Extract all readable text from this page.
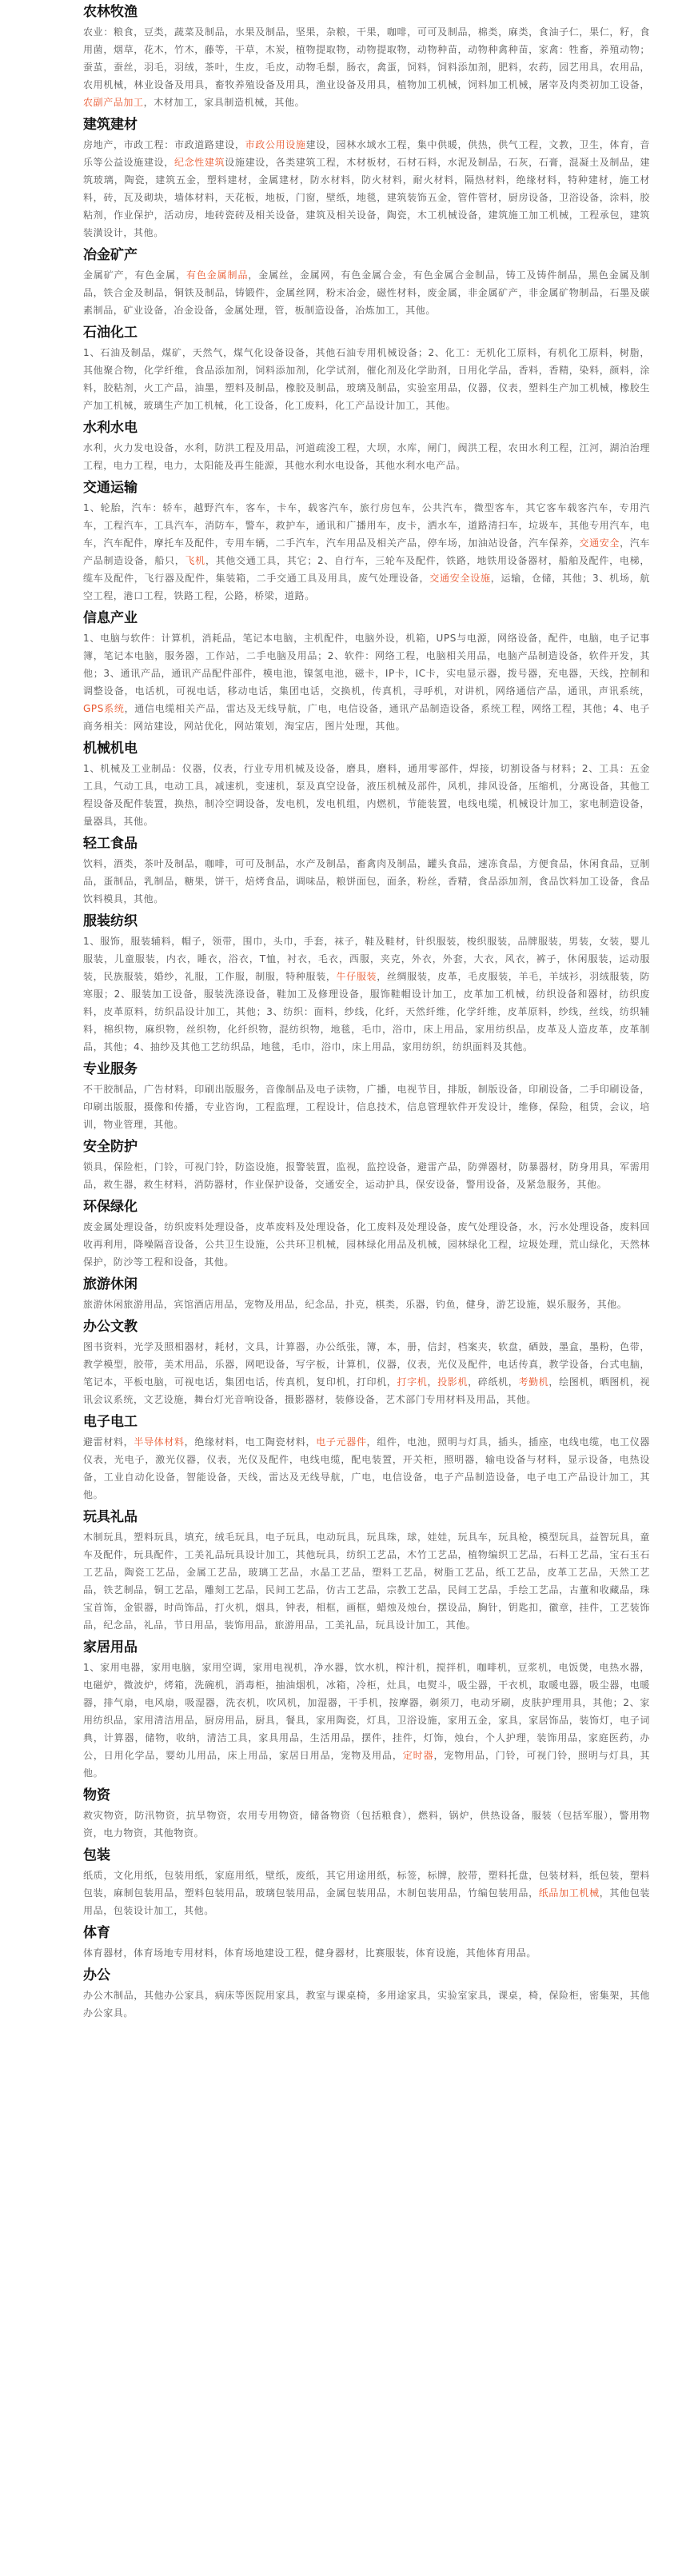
农林牧渔

农业：粮食，豆类，蔬菜及制品，水果及制品，坚果，杂粮，干果，咖啡，可可及制品，棉类，麻类，食油子仁，果仁，籽，食用菌，烟草，花木，竹木，藤等，干草，木炭，植物提取物，动物提取物，动物种苗，动物种禽种苗，家禽：牲畜，养殖动物；蚕茧，蚕丝，羽毛，羽绒，茶叶，生皮，毛皮，动物毛鬃，肠衣，禽蛋，饲料，饲料添加剂，肥料，农药，园艺用具，农用品，农用机械，林业设备及用具，畜牧养殖设备及用具，渔业设备及用具，植物加工机械，饲料加工机械，屠宰及肉类初加工设备，农副产品加工，木材加工，家具制造机械，其他。

建筑建材

房地产，市政工程：市政道路建设，市政公用设施建设，园林水域水工程，集中供暖，供热，供气工程，文教，卫生，体育，音乐等公益设施建设，纪念性建筑设施建设，各类建筑工程，木材板材，石材石料，水泥及制品，石灰，石膏，混凝土及制品，建筑玻璃，陶瓷，建筑五金，塑料建材，金属建材，防水材料，防火材料，耐火材料，隔热材料，绝缘材料，特种建材，施工材料，砖，瓦及砌块，墙体材料，天花板，地板，门窗，壁纸，地毯，建筑装饰五金，管件管材，厨房设备，卫浴设备，涂料，胶粘剂，作业保护，活动房，地砖瓷砖及相关设备，建筑及相关设备，陶瓷，木工机械设备，建筑施工加工机械，工程承包，建筑装潢设计，其他。

冶金矿产

金属矿产，有色金属，有色金属制品，金属丝，金属网，有色金属合金，有色金属合金制品，铸工及铸件制品，黑色金属及制品，铁合金及制品，铜铁及制品，铸锻件，金属丝网，粉末冶金，磁性材料，废金属，非金属矿产，非金属矿物制品，石墨及碳素制品，矿业设备，冶金设备，金属处理，管，板制造设备，冶炼加工，其他。

石油化工

1、石油及制品，煤矿，天然气，煤气化设备设备，其他石油专用机械设备；2、化工：无机化工原料，有机化工原料，树脂，其他聚合物，化学纤维，食品添加剂，饲料添加剂，化学试剂，催化剂及化学助剂，日用化学品，香料，香精，染料，颜料，涂料，胶粘剂，火工产品，油墨，塑料及制品，橡胶及制品，玻璃及制品，实验室用品，仪器，仪表，塑料生产加工机械，橡胶生产加工机械，玻璃生产加工机械，化工设备，化工废料，化工产品设计加工，其他。

水利水电

水利，火力发电设备，水利，防洪工程及用品，河道疏浚工程，大坝，水库，闸门，阀洪工程，农田水利工程，江河，湖泊治理工程，电力工程，电力，太阳能及再生能源，其他水利水电设备，其他水利水电产品。

交通运输

1、轮胎，汽车：轿车，越野汽车，客车，卡车，载客汽车，旅行房包车，公共汽车，微型客车，其它客车载客汽车，专用汽车，工程汽车，工具汽车，消防车，警车，救护车，通讯和广播用车，皮卡，洒水车，道路清扫车，垃圾车，其他专用汽车，电车，汽车配件，摩托车及配件，专用车辆，二手汽车，汽车用品及相关产品，停车场，加油站设备，汽车保养，交通安全，汽车产品制造设备，船只，飞机，其他交通工具，其它；2、自行车，三轮车及配件，铁路，地铁用设备器材，船舶及配件，电梯，缆车及配件，飞行器及配件，集装箱，二手交通工具及用具，废气处理设备，交通安全设施，运输，仓储，其他；3、机场，航空工程，港口工程，铁路工程，公路，桥梁，道路。

信息产业

1、电脑与软件：计算机，消耗品，笔记本电脑，主机配件，电脑外设，机箱，UPS与电源，网络设备，配件，电脑，电子记事簿，笔记本电脑，服务器，工作站，二手电脑及用品；2、软件：网络工程，电脑相关用品，电脑产品制造设备，软件开发，其他；3、通讯产品，通讯产品配件部件，模电池，镍氢电池，磁卡，IP卡，IC卡，实电显示器，拨号器，充电器，天线，控制和调整设备，电话机，可视电话，移动电话，集团电话，交换机，传真机，寻呼机，对讲机，网络通信产品，通讯，声讯系统，GPS系统，通信电缆相关产品，雷达及无线导航，广电，电信设备，通讯产品制造设备，系统工程，网络工程，其他；4、电子商务相关：网站建设，网站优化，网站策划，淘宝店，图片处理，其他。

机械机电

1、机械及工业制品：仪器，仪表，行业专用机械及设备，磨具，磨料，通用零部件，焊接，切割设备与材料；2、工具：五金工具，气动工具，电动工具，减速机，变速机，泵及真空设备，液压机械及部件，风机，排风设备，压缩机，分离设备，其他工程设备及配件装置，换热，制冷空调设备，发电机，发电机组，内燃机，节能装置，电线电缆，机械设计加工，家电制造设备，量器具，其他。

轻工食品

饮料，酒类，茶叶及制品，咖啡，可可及制品，水产及制品，畜禽肉及制品，罐头食品，速冻食品，方便食品，休闲食品，豆制品，蛋制品，乳制品，糖果，饼干，焙烤食品，调味品，粮饼面包，面条，粉丝，香精，食品添加剂，食品饮料加工设备，食品饮料模具，其他。

服装纺织

1、服饰，服装辅料，帽子，领带，围巾，头巾，手套，袜子，鞋及鞋材，针织服装，梭织服装，品牌服装，男装，女装，婴儿服装，儿童服装，内衣，睡衣，浴衣，T恤，衬衣，毛衣，西服，夹克，外衣，外套，大衣，风衣，裤子，休闲服装，运动服装，民族服装，婚纱，礼服，工作服，制服，特种服装，牛仔服装，丝绸服装，皮革，毛皮服装，羊毛，羊绒衫，羽绒服装，防寒服；2、服装加工设备，服装洗涤设备，鞋加工及修理设备，服饰鞋帽设计加工，皮革加工机械，纺织设备和器材，纺织废料，皮革原料，纺织品设计加工，其他；3、纺织：面料，纱线，化纤，天然纤维，化学纤维，皮革原料，纱线，丝线，纺织辅料，棉织物，麻织物，丝织物，化纤织物，混纺织物，地毯，毛巾，浴巾，床上用品，家用纺织品，皮革及人造皮革，皮革制品，其他；4、抽纱及其他工艺纺织品，地毯，毛巾，浴巾，床上用品，家用纺织，纺织面料及其他。

专业服务

不干胶制品，广告材料，印刷出版服务，音像制品及电子读物，广播，电视节目，排版，制版设备，印刷设备，二手印刷设备，印刷出版服，摄像和传播，专业咨询，工程监理，工程设计，信息技术，信息管理软件开发设计，维修，保险，租赁，会议，培训，物业管理，其他。

安全防护

锁具，保险柜，门铃，可视门铃，防盗设施，报警装置，监视，监控设备，避雷产品，防弹器材，防暴器材，防身用具，军需用品，救生器，救生材料，消防器材，作业保护设备，交通安全，运动护具，保安设备，警用设备，及紧急服务，其他。

环保绿化

废金属处理设备，纺织废料处理设备，皮革废料及处理设备，化工废料及处理设备，废气处理设备，水，污水处理设备，废料回收再利用，降噪隔音设备，公共卫生设施，公共环卫机械，园林绿化用品及机械，园林绿化工程，垃圾处理，荒山绿化，天然林保护，防沙等工程和设备，其他。

旅游休闲

旅游休闲旅游用品，宾馆酒店用品，宠物及用品，纪念品，扑克，棋类，乐器，钓鱼，健身，游艺设施，娱乐服务，其他。

办公文教

图书资料，光学及照相器材，耗材，文具，计算器，办公纸张，簿，本，册，信封，档案夹，软盘，硒鼓，墨盒，墨粉，色带，教学模型，胶带，美术用品，乐器，网吧设备，写字板，计算机，仪器，仪表，光仪及配件，电话传真，教学设备，台式电脑，笔记本，平板电脑，可视电话，集团电话，传真机，复印机，打印机，打字机，投影机，碎纸机，考勤机，绘图机，晒图机，视讯会议系统，文艺设施，舞台灯光音响设备，摄影器材，装修设备，艺术部门专用材料及用品，其他。

电子电工

避雷材料，半导体材料，绝缘材料，电工陶瓷材料，电子元器件，组件，电池，照明与灯具，插头，插座，电线电缆，电工仪器仪表，光电子，激光仪器，仪表，光仪及配件，电线电缆，配电装置，开关柜，照明器，输电设备与材料，显示设备，电热设备，工业自动化设备，智能设备，天线，雷达及无线导航，广电，电信设备，电子产品制造设备，电子电工产品设计加工，其他。

玩具礼品

木制玩具，塑料玩具，填充，绒毛玩具，电子玩具，电动玩具，玩具珠，球，娃娃，玩具车，玩具枪，模型玩具，益智玩具，童车及配件，玩具配件，工美礼品玩具设计加工，其他玩具，纺织工艺品，木竹工艺品，植物编织工艺品，石料工艺品，宝石玉石工艺品，陶瓷工艺品，金属工艺品，玻璃工艺品，水晶工艺品，塑料工艺品，树脂工艺品，纸工艺品，皮革工艺品，天然工艺品，铁艺制品，铜工艺品，雕刻工艺品，民间工艺品，仿古工艺品，宗教工艺品，民间工艺品，手绘工艺品，古董和收藏品，珠宝首饰，金银器，时尚饰品，打火机，烟具，钟表，相框，画框，蜡烛及烛台，摆设品，胸针，钥匙扣，徽章，挂件，工艺装饰品，纪念品，礼品，节日用品，装饰用品，旅游用品，工美礼品，玩具设计加工，其他。

家居用品

1、家用电器，家用电脑，家用空调，家用电视机，净水器，饮水机，榨汁机，搅拌机，咖啡机，豆浆机，电饭煲，电热水器，电磁炉，微波炉，烤箱，洗碗机，消毒柜，抽油烟机，冰箱，冷柜，灶具，电熨斗，吸尘器，干衣机，取暖电器，吸尘器，电暖器，排气扇，电风扇，吸湿器，洗衣机，吹风机，加湿器，干手机，按摩器，剃须刀，电动牙刷，皮肤护理用具，其他；2、家用纺织品，家用清洁用品，厨房用品，厨具，餐具，家用陶瓷，灯具，卫浴设施，家用五金，家具，家居饰品，装饰灯，电子词典，计算器，储物，收纳，清洁工具，家具用品，生活用品，摆件，挂件，灯饰，烛台，个人护理，装饰用品，家庭医药，办公，日用化学品，婴幼儿用品，床上用品，家居日用品，宠物及用品，定时器，宠物用品，门铃，可视门铃，照明与灯具，其他。

物资

救灾物资，防汛物资，抗旱物资，农用专用物资，储备物资（包括粮食），燃料，锅炉，供热设备，服装（包括军服），警用物资，电力物资，其他物资。

包装

纸质，文化用纸，包装用纸，家庭用纸，壁纸，废纸，其它用途用纸，标签，标牌，胶带，塑料托盘，包装材料，纸包装，塑料包装，麻制包装用品，塑料包装用品，玻璃包装用品，金属包装用品，木制包装用品，竹编包装用品，纸品加工机械，其他包装用品，包装设计加工，其他。

体育

体育器材，体育场地专用材料，体育场地建设工程，健身器材，比赛服装，体育设施，其他体育用品。

办公

办公木制品，其他办公家具，病床等医院用家具，教室与课桌椅，多用途家具，实验室家具，课桌，椅，保险柜，密集架，其他办公家具。
